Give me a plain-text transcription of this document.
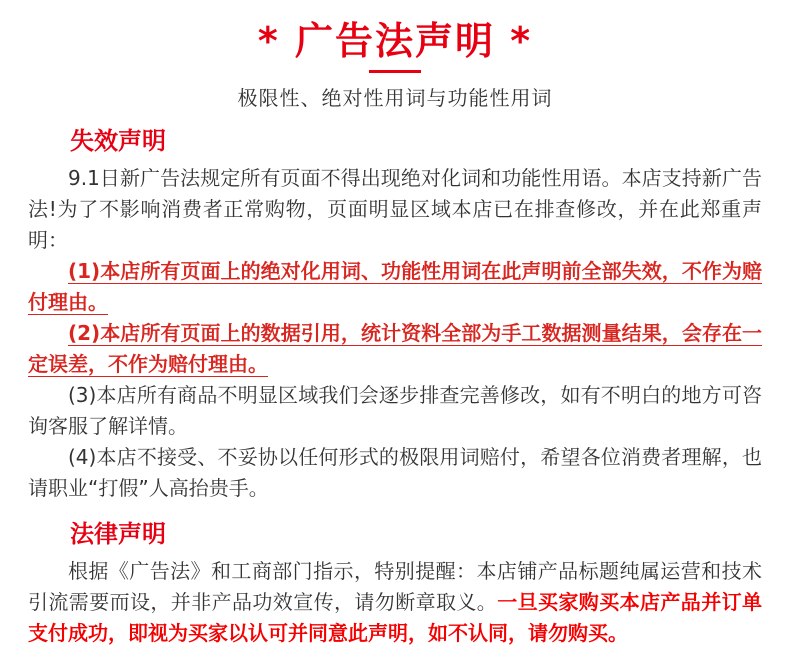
* 广告法声明 *
极限性、绝对性用词与功能性用词
失效声明

9.1日新广告法规定所有页面不得出现绝对化词和功能性用语。本店支持新广告法!为了不影响消费者正常购物，页面明显区域本店已在排查修改，并在此郑重声明：

(1)本店所有页面上的绝对化用词、功能性用词在此声明前全部失效，不作为赔付理由。

(2)本店所有页面上的数据引用，统计资料全部为手工数据测量结果，会存在一定误差，不作为赔付理由。

(3)本店所有商品不明显区域我们会逐步排查完善修改，如有不明白的地方可咨询客服了解详情。

(4)本店不接受、不妥协以任何形式的极限用词赔付，希望各位消费者理解，也请职业“打假”人高抬贵手。

法律声明

根据《广告法》和工商部门指示，特别提醒：本店铺产品标题纯属运营和技术引流需要而设，并非产品功效宣传，请勿断章取义。一旦买家购买本店产品并订单支付成功，即视为买家以认可并同意此声明，如不认同，请勿购买。
